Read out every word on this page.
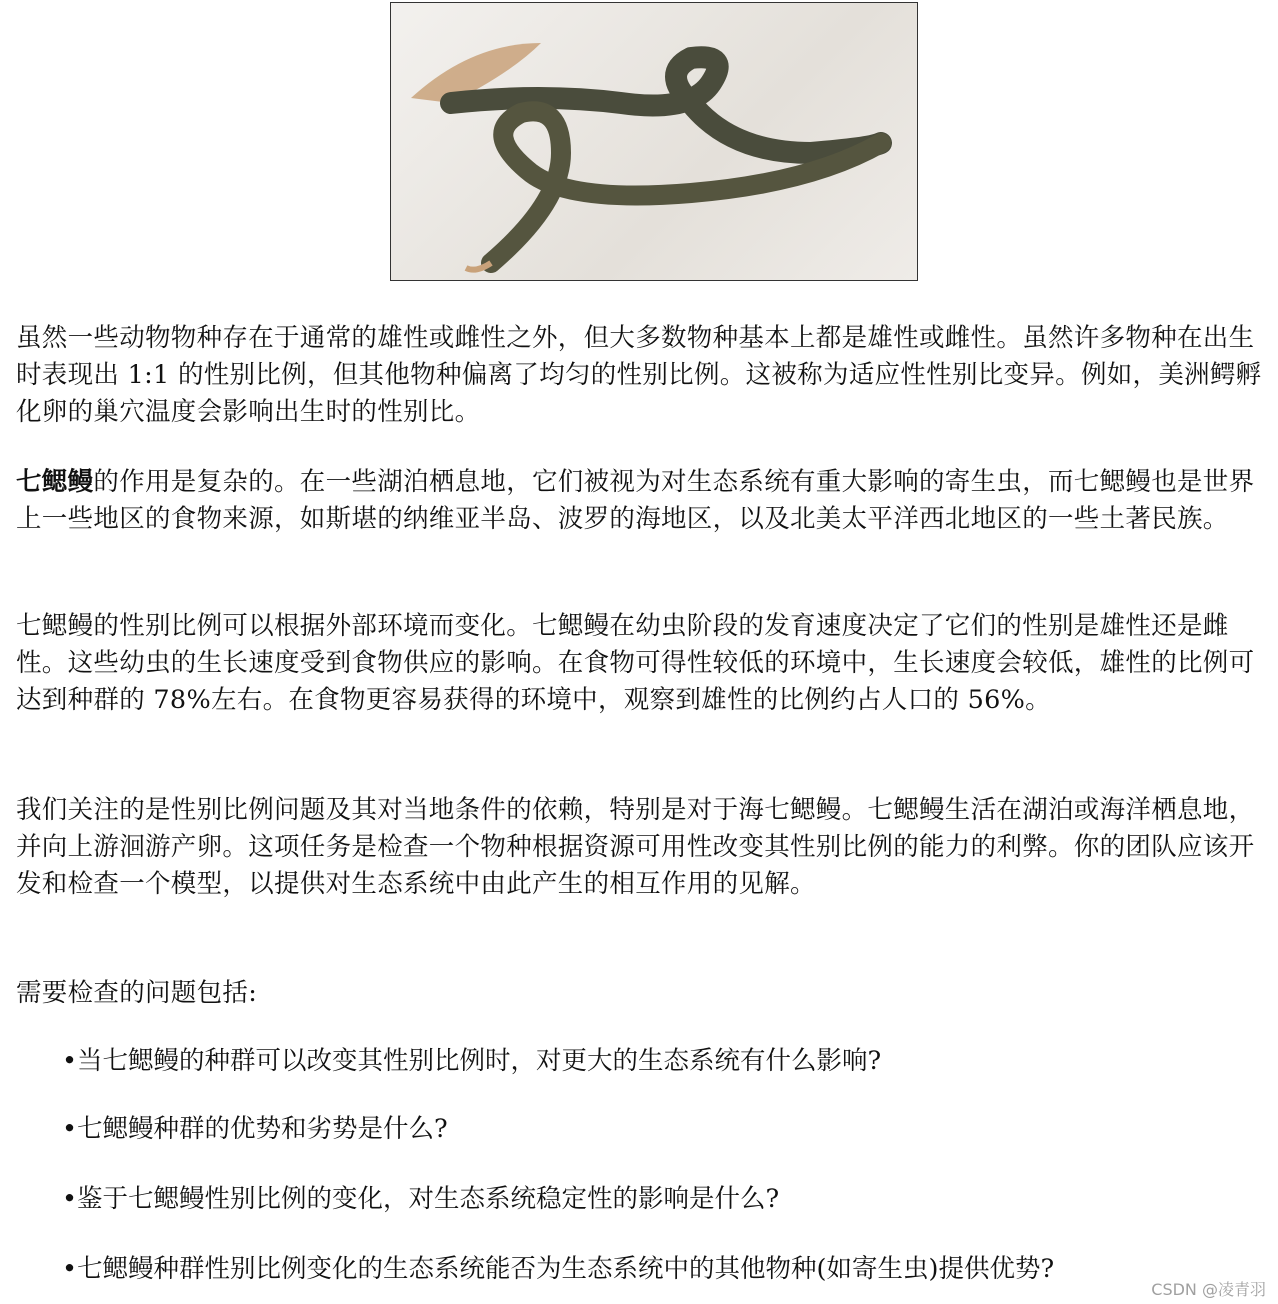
虽然一些动物物种存在于通常的雄性或雌性之外，但大多数物种基本上都是雄性或雌性。虽然许多物种在出生时表现出 1:1 的性别比例，但其他物种偏离了均匀的性别比例。这被称为适应性性别比变异。例如，美洲鳄孵化卵的巢穴温度会影响出生时的性别比。

七鳃鳗的作用是复杂的。在一些湖泊栖息地，它们被视为对生态系统有重大影响的寄生虫，而七鳃鳗也是世界上一些地区的食物来源，如斯堪的纳维亚半岛、波罗的海地区，以及北美太平洋西北地区的一些土著民族。

七鳃鳗的性别比例可以根据外部环境而变化。七鳃鳗在幼虫阶段的发育速度决定了它们的性别是雄性还是雌性。这些幼虫的生长速度受到食物供应的影响。在食物可得性较低的环境中，生长速度会较低，雄性的比例可达到种群的 78%左右。在食物更容易获得的环境中，观察到雄性的比例约占人口的 56%。

我们关注的是性别比例问题及其对当地条件的依赖，特别是对于海七鳃鳗。七鳃鳗生活在湖泊或海洋栖息地，并向上游洄游产卵。这项任务是检查一个物种根据资源可用性改变其性别比例的能力的利弊。你的团队应该开发和检查一个模型，以提供对生态系统中由此产生的相互作用的见解。

需要检查的问题包括:

•当七鳃鳗的种群可以改变其性别比例时，对更大的生态系统有什么影响?

•七鳃鳗种群的优势和劣势是什么?

•鉴于七鳃鳗性别比例的变化，对生态系统稳定性的影响是什么?

•七鳃鳗种群性别比例变化的生态系统能否为生态系统中的其他物种(如寄生虫)提供优势?

CSDN @凌青羽
